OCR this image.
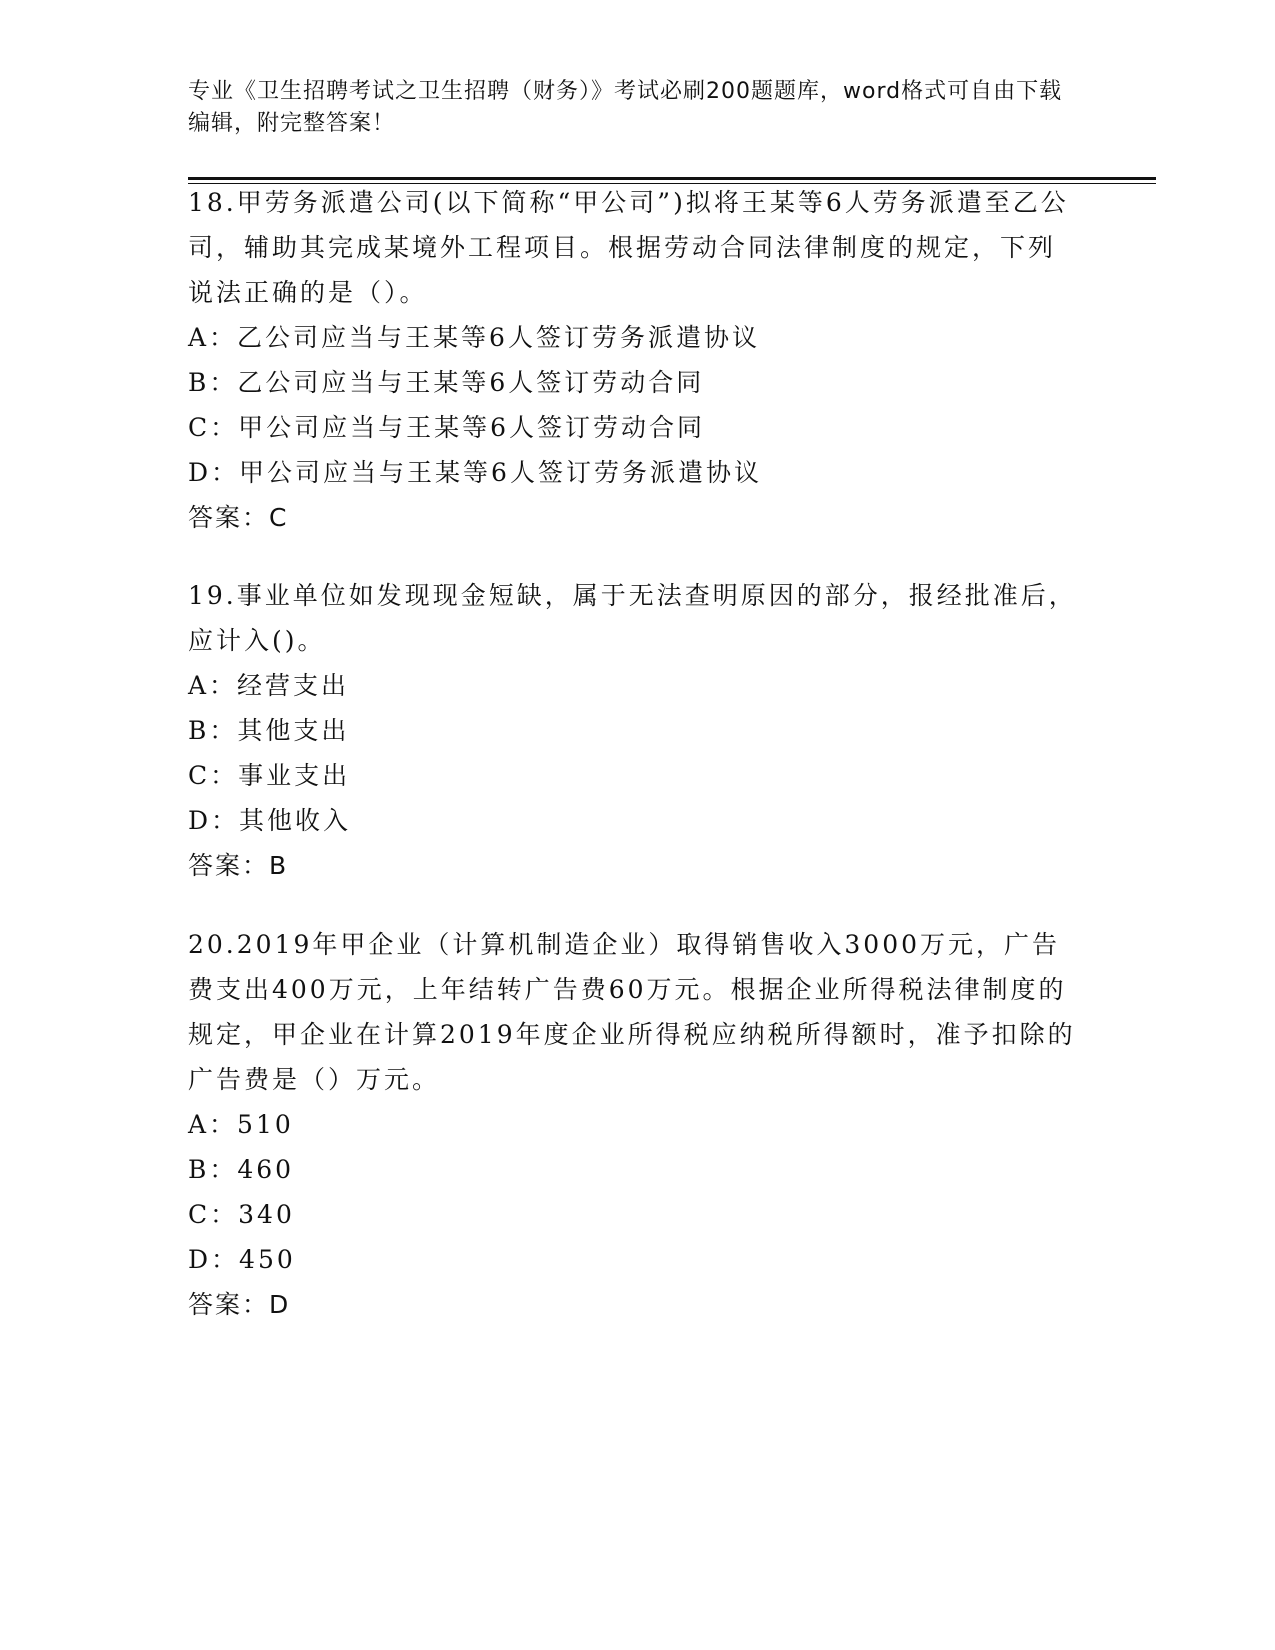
专业《卫生招聘考试之卫生招聘（财务）》考试必刷200题题库，word格式可自由下载编辑，附完整答案！

18.甲劳务派遣公司(以下简称“甲公司”)拟将王某等6人劳务派遣至乙公司，辅助其完成某境外工程项目。根据劳动合同法律制度的规定，下列说法正确的是（）。

A：乙公司应当与王某等6人签订劳务派遣协议

B：乙公司应当与王某等6人签订劳动合同

C：甲公司应当与王某等6人签订劳动合同

D：甲公司应当与王某等6人签订劳务派遣协议

答案：C

19.事业单位如发现现金短缺，属于无法查明原因的部分，报经批准后，应计入()。

A：经营支出

B：其他支出

C：事业支出

D：其他收入

答案：B

20.2019年甲企业（计算机制造企业）取得销售收入3000万元，广告费支出400万元，上年结转广告费60万元。根据企业所得税法律制度的规定，甲企业在计算2019年度企业所得税应纳税所得额时，准予扣除的广告费是（）万元。

A：510

B：460

C：340

D：450

答案：D
